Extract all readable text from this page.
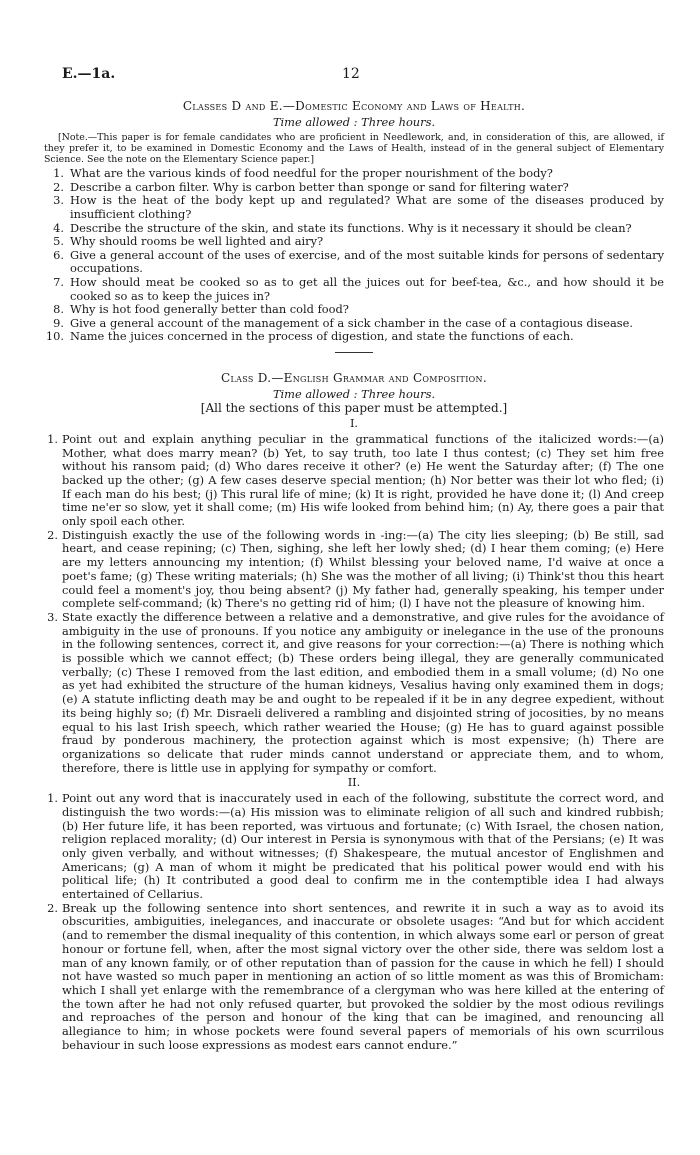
E.—1a.	12
Classes D and E.—Domestic Economy and Laws of Health.
Time allowed : Three hours.
[Note.—This paper is for female candidates who are proficient in Needlework, and, in consideration of this, are allowed, if they prefer it, to be examined in Domestic Economy and the Laws of Health, instead of in the general subject of Elementary Science. See the note on the Elementary Science paper.]
1. What are the various kinds of food needful for the proper nourishment of the body?
2. Describe a carbon filter. Why is carbon better than sponge or sand for filtering water?
3. How is the heat of the body kept up and regulated? What are some of the diseases produced by insufficient clothing?
4. Describe the structure of the skin, and state its functions. Why is it necessary it should be clean?
5. Why should rooms be well lighted and airy?
6. Give a general account of the uses of exercise, and of the most suitable kinds for persons of sedentary occupations.
7. How should meat be cooked so as to get all the juices out for beef-tea, &c., and how should it be cooked so as to keep the juices in?
8. Why is hot food generally better than cold food?
9. Give a general account of the management of a sick chamber in the case of a contagious disease.
10. Name the juices concerned in the process of digestion, and state the functions of each.
Class D.—English Grammar and Composition.
Time allowed : Three hours.
[All the sections of this paper must be attempted.]
I.
1. Point out and explain anything peculiar in the grammatical functions of the italicized words:—(a) Mother, what does marry mean? (b) Yet, to say truth, too late I thus contest; (c) They set him free without his ransom paid; (d) Who dares receive it other? (e) He went the Saturday after; (f) The one backed up the other; (g) A few cases deserve special mention; (h) Nor better was their lot who fled; (i) If each man do his best; (j) This rural life of mine; (k) It is right, provided he have done it; (l) And creep time ne'er so slow, yet it shall come; (m) His wife looked from behind him; (n) Ay, there goes a pair that only spoil each other.
2. Distinguish exactly the use of the following words in -ing:—(a) The city lies sleeping; (b) Be still, sad heart, and cease repining; (c) Then, sighing, she left her lowly shed; (d) I hear them coming; (e) Here are my letters announcing my intention; (f) Whilst blessing your beloved name, I'd waive at once a poet's fame; (g) These writing materials; (h) She was the mother of all living; (i) Think'st thou this heart could feel a moment's joy, thou being absent? (j) My father had, generally speaking, his temper under complete self-command; (k) There's no getting rid of him; (l) I have not the pleasure of knowing him.
3. State exactly the difference between a relative and a demonstrative, and give rules for the avoidance of ambiguity in the use of pronouns. If you notice any ambiguity or inelegance in the use of the pronouns in the following sentences, correct it, and give reasons for your correction:—(a) There is nothing which is possible which we cannot effect; (b) These orders being illegal, they are generally communicated verbally; (c) These I removed from the last edition, and embodied them in a small volume; (d) No one as yet had exhibited the structure of the human kidneys, Vesalius having only examined them in dogs; (e) A statute inflicting death may be and ought to be repealed if it be in any degree expedient, without its being highly so; (f) Mr. Disraeli delivered a rambling and disjointed string of jocosities, by no means equal to his last Irish speech, which rather wearied the House; (g) He has to guard against possible fraud by ponderous machinery, the protection against which is most expensive; (h) There are organizations so delicate that ruder minds cannot understand or appreciate them, and to whom, therefore, there is little use in applying for sympathy or comfort.
II.
1. Point out any word that is inaccurately used in each of the following, substitute the correct word, and distinguish the two words:—(a) His mission was to eliminate religion of all such and kindred rubbish; (b) Her future life, it has been reported, was virtuous and fortunate; (c) With Israel, the chosen nation, religion replaced morality; (d) Our interest in Persia is synonymous with that of the Persians; (e) It was only given verbally, and without witnesses; (f) Shakespeare, the mutual ancestor of Englishmen and Americans; (g) A man of whom it might be predicated that his political power would end with his political life; (h) It contributed a good deal to confirm me in the contemptible idea I had always entertained of Cellarius.
2. Break up the following sentence into short sentences, and rewrite it in such a way as to avoid its obscurities, ambiguities, inelegances, and inaccurate or obsolete usages: “And but for which accident (and to remember the dismal inequality of this contention, in which always some earl or person of great honour or fortune fell, when, after the most signal victory over the other side, there was seldom lost a man of any known family, or of other reputation than of passion for the cause in which he fell) I should not have wasted so much paper in mentioning an action of so little moment as was this of Bromicham: which I shall yet enlarge with the remembrance of a clergyman who was here killed at the entering of the town after he had not only refused quarter, but provoked the soldier by the most odious revilings and reproaches of the person and honour of the king that can be imagined, and renouncing all allegiance to him; in whose pockets were found several papers of memorials of his own scurrilous behaviour in such loose expressions as modest ears cannot endure.”
